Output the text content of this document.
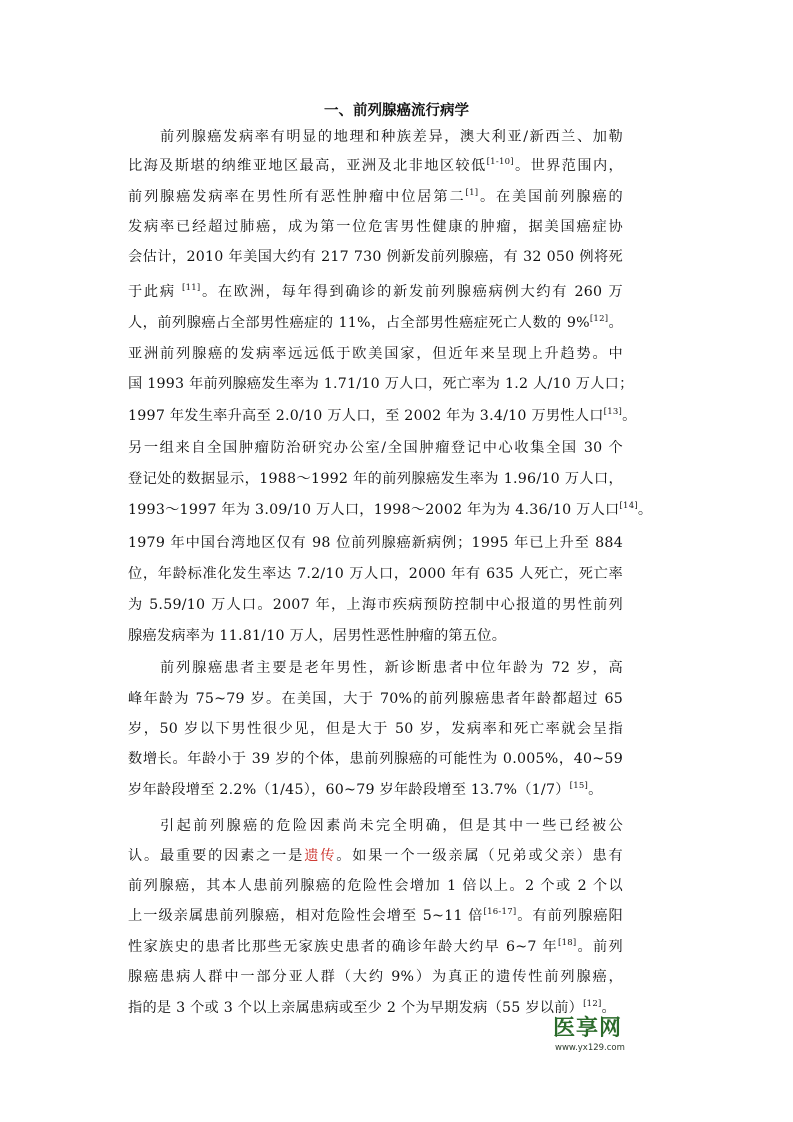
一、前列腺癌流行病学
前列腺癌发病率有明显的地理和种族差异，澳大利亚/新西兰、加勒
比海及斯堪的纳维亚地区最高，亚洲及北非地区较低[1-10]。世界范围内，
前列腺癌发病率在男性所有恶性肿瘤中位居第二[1]。在美国前列腺癌的
发病率已经超过肺癌，成为第一位危害男性健康的肿瘤，据美国癌症协
会估计，2010 年美国大约有 217 730 例新发前列腺癌，有 32 050 例将死
于此病 [11]。在欧洲，每年得到确诊的新发前列腺癌病例大约有 260 万
人，前列腺癌占全部男性癌症的 11%，占全部男性癌症死亡人数的 9%[12]。
亚洲前列腺癌的发病率远远低于欧美国家，但近年来呈现上升趋势。中
国 1993 年前列腺癌发生率为 1.71/10 万人口，死亡率为 1.2 人/10 万人口；
1997 年发生率升高至 2.0/10 万人口，至 2002 年为 3.4/10 万男性人口[13]。
另一组来自全国肿瘤防治研究办公室/全国肿瘤登记中心收集全国 30 个
登记处的数据显示，1988～1992 年的前列腺癌发生率为 1.96/10 万人口，
1993～1997 年为 3.09/10 万人口，1998～2002 年为为 4.36/10 万人口[14]。
1979 年中国台湾地区仅有 98 位前列腺癌新病例；1995 年已上升至 884
位，年龄标准化发生率达 7.2/10 万人口，2000 年有 635 人死亡，死亡率
为 5.59/10 万人口。2007 年，上海市疾病预防控制中心报道的男性前列
腺癌发病率为 11.81/10 万人，居男性恶性肿瘤的第五位。
前列腺癌患者主要是老年男性，新诊断患者中位年龄为 72 岁，高
峰年龄为 75~79 岁。在美国，大于 70%的前列腺癌患者年龄都超过 65
岁，50 岁以下男性很少见，但是大于 50 岁，发病率和死亡率就会呈指
数增长。年龄小于 39 岁的个体，患前列腺癌的可能性为 0.005%，40~59
岁年龄段增至 2.2%（1/45），60~79 岁年龄段增至 13.7%（1/7）[15]。
引起前列腺癌的危险因素尚未完全明确，但是其中一些已经被公
认。最重要的因素之一是遗传。如果一个一级亲属（兄弟或父亲）患有
前列腺癌，其本人患前列腺癌的危险性会增加 1 倍以上。2 个或 2 个以
上一级亲属患前列腺癌，相对危险性会增至 5~11 倍[16-17]。有前列腺癌阳
性家族史的患者比那些无家族史患者的确诊年龄大约早 6~7 年[18]。前列
腺癌患病人群中一部分亚人群（大约 9%）为真正的遗传性前列腺癌，
指的是 3 个或 3 个以上亲属患病或至少 2 个为早期发病（55 岁以前）[12]。
医享网
www.yx129.com
